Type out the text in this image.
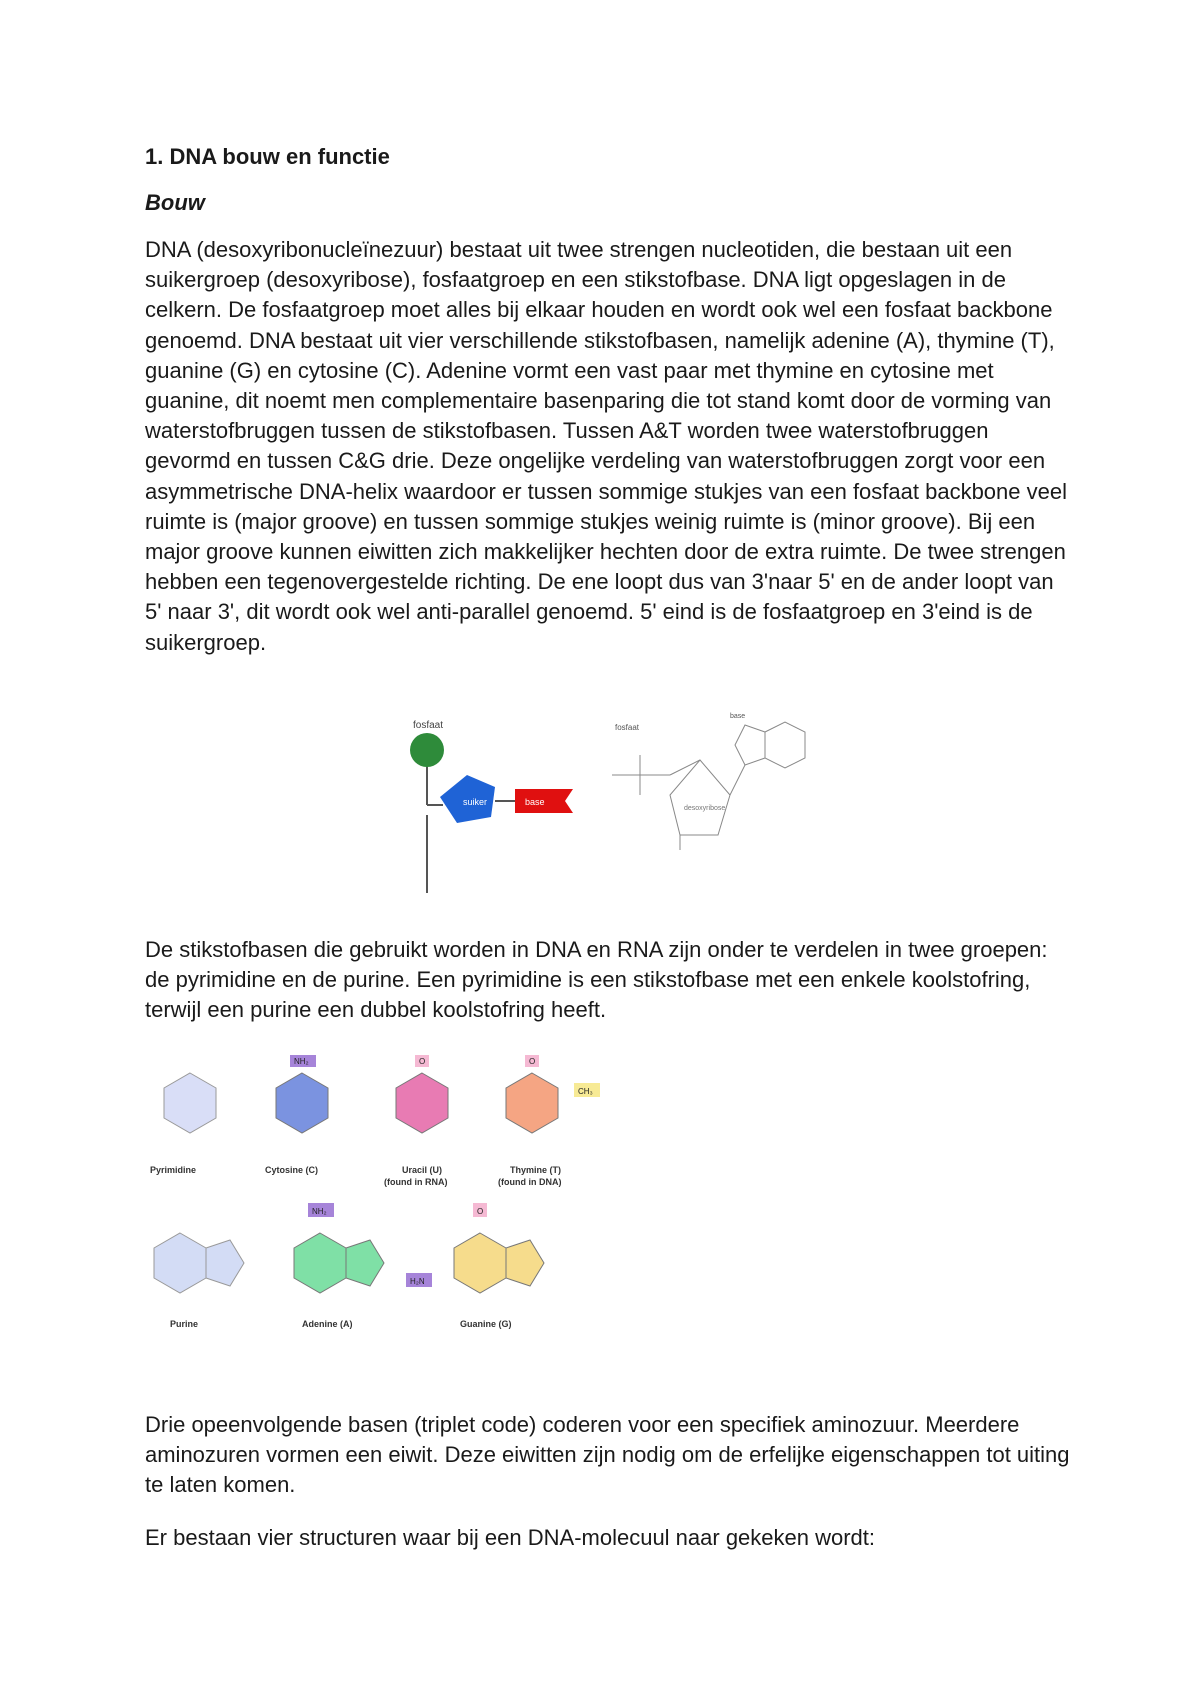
1. DNA bouw en functie
Bouw

DNA (desoxyribonucleïnezuur) bestaat uit twee strengen nucleotiden, die bestaan uit een suikergroep (desoxyribose), fosfaatgroep en een stikstofbase. DNA ligt opgeslagen in de celkern. De fosfaatgroep moet alles bij elkaar houden en wordt ook wel een fosfaat backbone genoemd. DNA bestaat uit vier verschillende stikstofbasen, namelijk adenine (A), thymine (T), guanine (G) en cytosine (C). Adenine vormt een vast paar met thymine en cytosine met guanine, dit noemt men complementaire basenparing die tot stand komt door de vorming van waterstofbruggen tussen de stikstofbasen. Tussen A&T worden twee waterstofbruggen gevormd en tussen C&G drie. Deze ongelijke verdeling van waterstofbruggen zorgt voor een asymmetrische DNA-helix waardoor er tussen sommige stukjes van een fosfaat backbone veel ruimte is (major groove) en tussen sommige stukjes weinig ruimte is (minor groove). Bij een major groove kunnen eiwitten zich makkelijker hechten door de extra ruimte. De twee strengen hebben een tegenovergestelde richting. De ene loopt dus van 3'naar 5' en de ander loopt van 5' naar 3', dit wordt ook wel anti-parallel genoemd. 5' eind is de fosfaatgroep en 3'eind is de suikergroep.

fosfaat
suiker	base
fosfaat
base
desoxyribose

De stikstofbasen die gebruikt worden in DNA en RNA zijn onder te verdelen in twee groepen: de pyrimidine en de purine. Een pyrimidine is een stikstofbase met een enkele koolstofring, terwijl een purine een dubbel koolstofring heeft.

NH₂	O	O
CH₃
Pyrimidine	Cytosine (C)	Uracil (U)
(found in RNA)
Thymine (T)
(found in DNA)
NH₂	O
H₂N
Purine	Adenine (A)	Guanine (G)

Drie opeenvolgende basen (triplet code) coderen voor een specifiek aminozuur. Meerdere aminozuren vormen een eiwit. Deze eiwitten zijn nodig om de erfelijke eigenschappen tot uiting te laten komen.

Er bestaan vier structuren waar bij een DNA-molecuul naar gekeken wordt:
